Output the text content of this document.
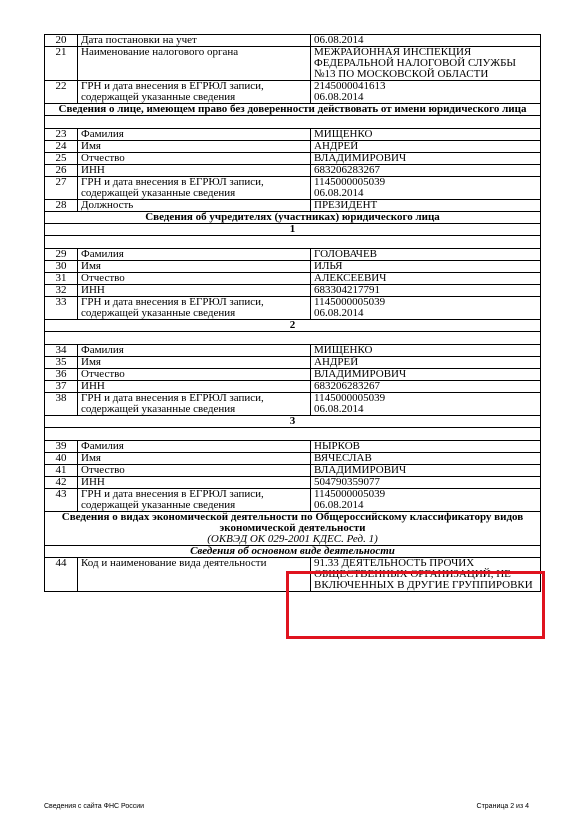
20	Дата постановки на учет	06.08.2014
21	Наименование налогового органа	МЕЖРАЙОННАЯ ИНСПЕКЦИЯ ФЕДЕРАЛЬНОЙ НАЛОГОВОЙ СЛУЖБЫ №13 ПО МОСКОВСКОЙ ОБЛАСТИ
22	ГРН и дата внесения в ЕГРЮЛ записи, содержащей указанные сведения	2145000041613
06.08.2014
Сведения о лице, имеющем право без доверенности действовать от имени юридического лица		

23	Фамилия	МИЩЕНКО
24	Имя	АНДРЕЙ
25	Отчество	ВЛАДИМИРОВИЧ
26	ИНН	683206283267
27	ГРН и дата внесения в ЕГРЮЛ записи, содержащей указанные сведения	1145000005039
06.08.2014
28	Должность	ПРЕЗИДЕНТ
Сведения об учредителях (участниках) юридического лица		
1		

29	Фамилия	ГОЛОВАЧЕВ
30	Имя	ИЛЬЯ
31	Отчество	АЛЕКСЕЕВИЧ
32	ИНН	683304217791
33	ГРН и дата внесения в ЕГРЮЛ записи, содержащей указанные сведения	1145000005039
06.08.2014
2		

34	Фамилия	МИЩЕНКО
35	Имя	АНДРЕЙ
36	Отчество	ВЛАДИМИРОВИЧ
37	ИНН	683206283267
38	ГРН и дата внесения в ЕГРЮЛ записи, содержащей указанные сведения	1145000005039
06.08.2014
3		

39	Фамилия	НЫРКОВ
40	Имя	ВЯЧЕСЛАВ
41	Отчество	ВЛАДИМИРОВИЧ
42	ИНН	504790359077
43	ГРН и дата внесения в ЕГРЮЛ записи, содержащей указанные сведения	1145000005039
06.08.2014

Сведения о видах экономической деятельности по Общероссийскому классификатору видов экономической деятельности
(ОКВЭД ОК 029-2001 КДЕС. Ред. 1)		

Сведения об основном виде деятельности		
44	Код и наименование вида деятельности	91.33 ДЕЯТЕЛЬНОСТЬ ПРОЧИХ ОБЩЕСТВЕННЫХ ОРГАНИЗАЦИЙ, НЕ ВКЛЮЧЕННЫХ В ДРУГИЕ ГРУППИРОВКИ
Сведения с сайта ФНС России	Страница 2 из 4
